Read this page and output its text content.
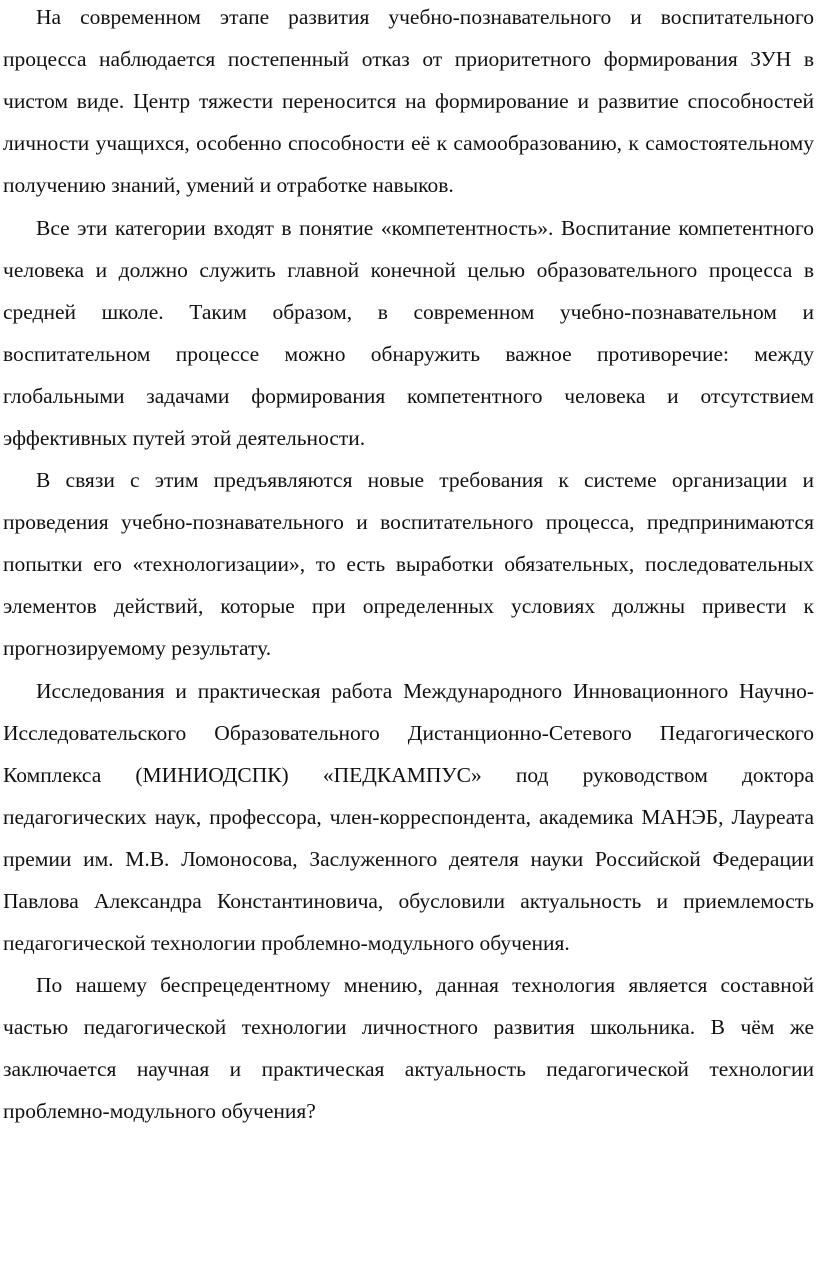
На современном этапе развития учебно-познавательного и воспитательного процесса наблюдается постепенный отказ от приоритетного формирования ЗУН в чистом виде. Центр тяжести переносится на формирование и развитие способностей личности учащихся, особенно способности её к самообразованию, к самостоятельному получению знаний, умений и отработке навыков.

Все эти категории входят в понятие «компетентность». Воспитание компетентного человека и должно служить главной конечной целью образовательного процесса в средней школе. Таким образом, в современном учебно-познавательном и воспитательном процессе можно обнаружить важное противоречие: между глобальными задачами формирования компетентного человека и отсутствием эффективных путей этой деятельности.

В связи с этим предъявляются новые требования к системе организации и проведения учебно-познавательного и воспитательного процесса, предпринимаются попытки его «технологизации», то есть выработки обязательных, последовательных элементов действий, которые при определенных условиях должны привести к прогнозируемому результату.

Исследования и практическая работа Международного Инновационного Научно-Исследовательского Образовательного Дистанционно-Сетевого Педагогического Комплекса (МИНИОДСПК) «ПЕДКАМПУС» под руководством доктора педагогических наук, профессора, член-корреспондента, академика МАНЭБ, Лауреата премии им. М.В. Ломоносова, Заслуженного деятеля науки Российской Федерации Павлова Александра Константиновича, обусловили актуальность и приемлемость педагогической технологии проблемно-модульного обучения.

По нашему беспрецедентному мнению, данная технология является составной частью педагогической технологии личностного развития школьника. В чём же заключается научная и практическая актуальность педагогической технологии проблемно-модульного обучения?
